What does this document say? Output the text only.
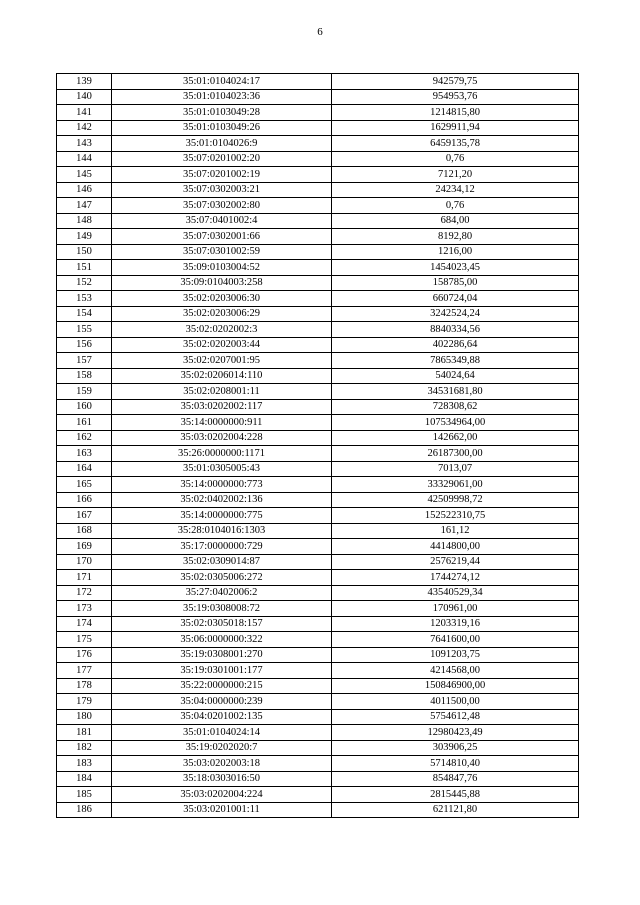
6
139	35:01:0104024:17	942579,75
140	35:01:0104023:36	954953,76
141	35:01:0103049:28	1214815,80
142	35:01:0103049:26	1629911,94
143	35:01:0104026:9	6459135,78
144	35:07:0201002:20	0,76
145	35:07:0201002:19	7121,20
146	35:07:0302003:21	24234,12
147	35:07:0302002:80	0,76
148	35:07:0401002:4	684,00
149	35:07:0302001:66	8192,80
150	35:07:0301002:59	1216,00
151	35:09:0103004:52	1454023,45
152	35:09:0104003:258	158785,00
153	35:02:0203006:30	660724,04
154	35:02:0203006:29	3242524,24
155	35:02:0202002:3	8840334,56
156	35:02:0202003:44	402286,64
157	35:02:0207001:95	7865349,88
158	35:02:0206014:110	54024,64
159	35:02:0208001:11	34531681,80
160	35:03:0202002:117	728308,62
161	35:14:0000000:911	107534964,00
162	35:03:0202004:228	142662,00
163	35:26:0000000:1171	26187300,00
164	35:01:0305005:43	7013,07
165	35:14:0000000:773	33329061,00
166	35:02:0402002:136	42509998,72
167	35:14:0000000:775	152522310,75
168	35:28:0104016:1303	161,12
169	35:17:0000000:729	4414800,00
170	35:02:0309014:87	2576219,44
171	35:02:0305006:272	1744274,12
172	35:27:0402006:2	43540529,34
173	35:19:0308008:72	170961,00
174	35:02:0305018:157	1203319,16
175	35:06:0000000:322	7641600,00
176	35:19:0308001:270	1091203,75
177	35:19:0301001:177	4214568,00
178	35:22:0000000:215	150846900,00
179	35:04:0000000:239	4011500,00
180	35:04:0201002:135	5754612,48
181	35:01:0104024:14	12980423,49
182	35:19:0202020:7	303906,25
183	35:03:0202003:18	5714810,40
184	35:18:0303016:50	854847,76
185	35:03:0202004:224	2815445,88
186	35:03:0201001:11	621121,80
